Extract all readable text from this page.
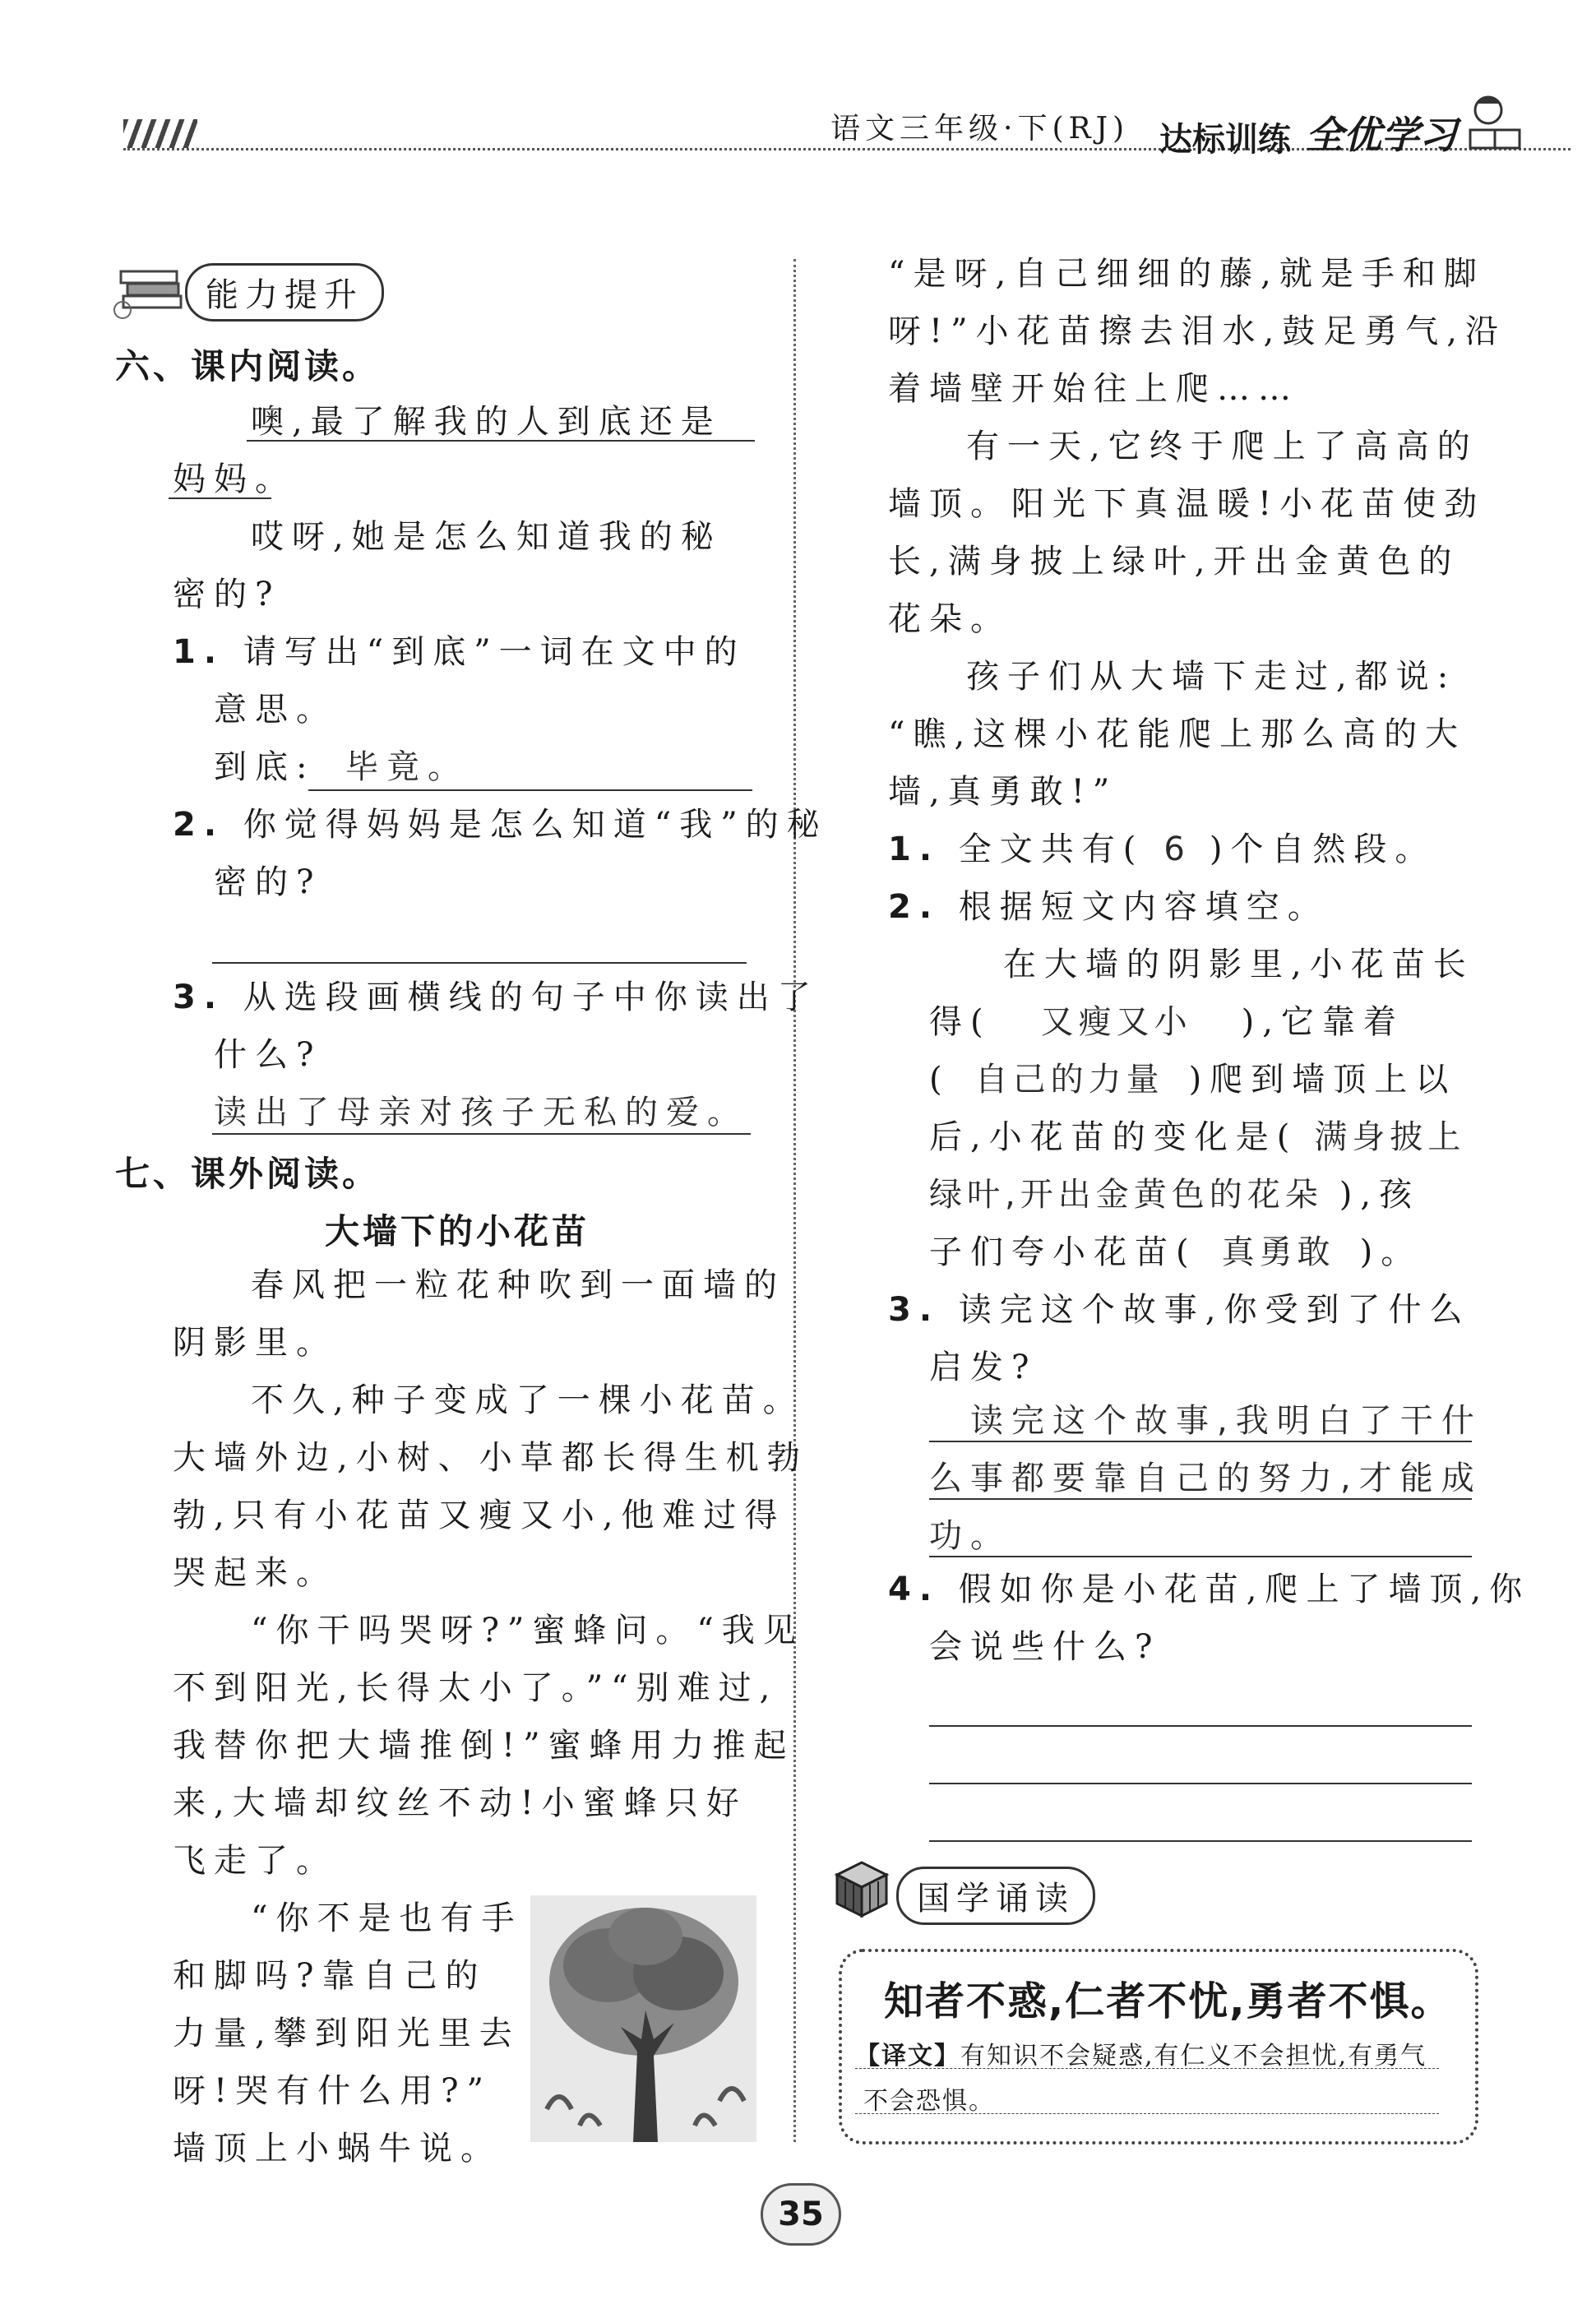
语文三年级·下(RJ) 达标训练 全优学习
能力提升
六、课内阅读。
噢,最了解我的人到底还是
妈妈。
哎呀,她是怎么知道我的秘
密的?
1. 请写出“到底”一词在文中的
意思。
到底: 毕竟。
2. 你觉得妈妈是怎么知道“我”的秘
密的?
3. 从选段画横线的句子中你读出了
什么?
读出了母亲对孩子无私的爱。
七、课外阅读。
大墙下的小花苗
春风把一粒花种吹到一面墙的
阴影里。
不久,种子变成了一棵小花苗。
大墙外边,小树、小草都长得生机勃
勃,只有小花苗又瘦又小,他难过得
哭起来。
“你干吗哭呀?”蜜蜂问。“我见
不到阳光,长得太小了。”“别难过,
我替你把大墙推倒!”蜜蜂用力推起
来,大墙却纹丝不动!小蜜蜂只好
飞走了。
“你不是也有手
和脚吗?靠自己的
力量,攀到阳光里去
呀!哭有什么用?”
墙顶上小蜗牛说。
“是呀,自己细细的藤,就是手和脚
呀!”小花苗擦去泪水,鼓足勇气,沿
着墙壁开始往上爬……
有一天,它终于爬上了高高的
墙顶。阳光下真温暖!小花苗使劲
长,满身披上绿叶,开出金黄色的
花朵。
孩子们从大墙下走过,都说:
“瞧,这棵小花能爬上那么高的大
墙,真勇敢!”
1. 全文共有( 6 )个自然段。
2. 根据短文内容填空。
在大墙的阴影里,小花苗长
得( 又瘦又小 ),它靠着
( 自己的力量 )爬到墙顶上以
后,小花苗的变化是( 满身披上
绿叶,开出金黄色的花朵 ),孩
子们夸小花苗( 真勇敢 )。
3. 读完这个故事,你受到了什么
启发?
读完这个故事,我明白了干什
么事都要靠自己的努力,才能成
功。
4. 假如你是小花苗,爬上了墙顶,你
会说些什么?
国学诵读
知者不惑,仁者不忧,勇者不惧。
【译文】有知识不会疑惑,有仁义不会担忧,有勇气
不会恐惧。
35
